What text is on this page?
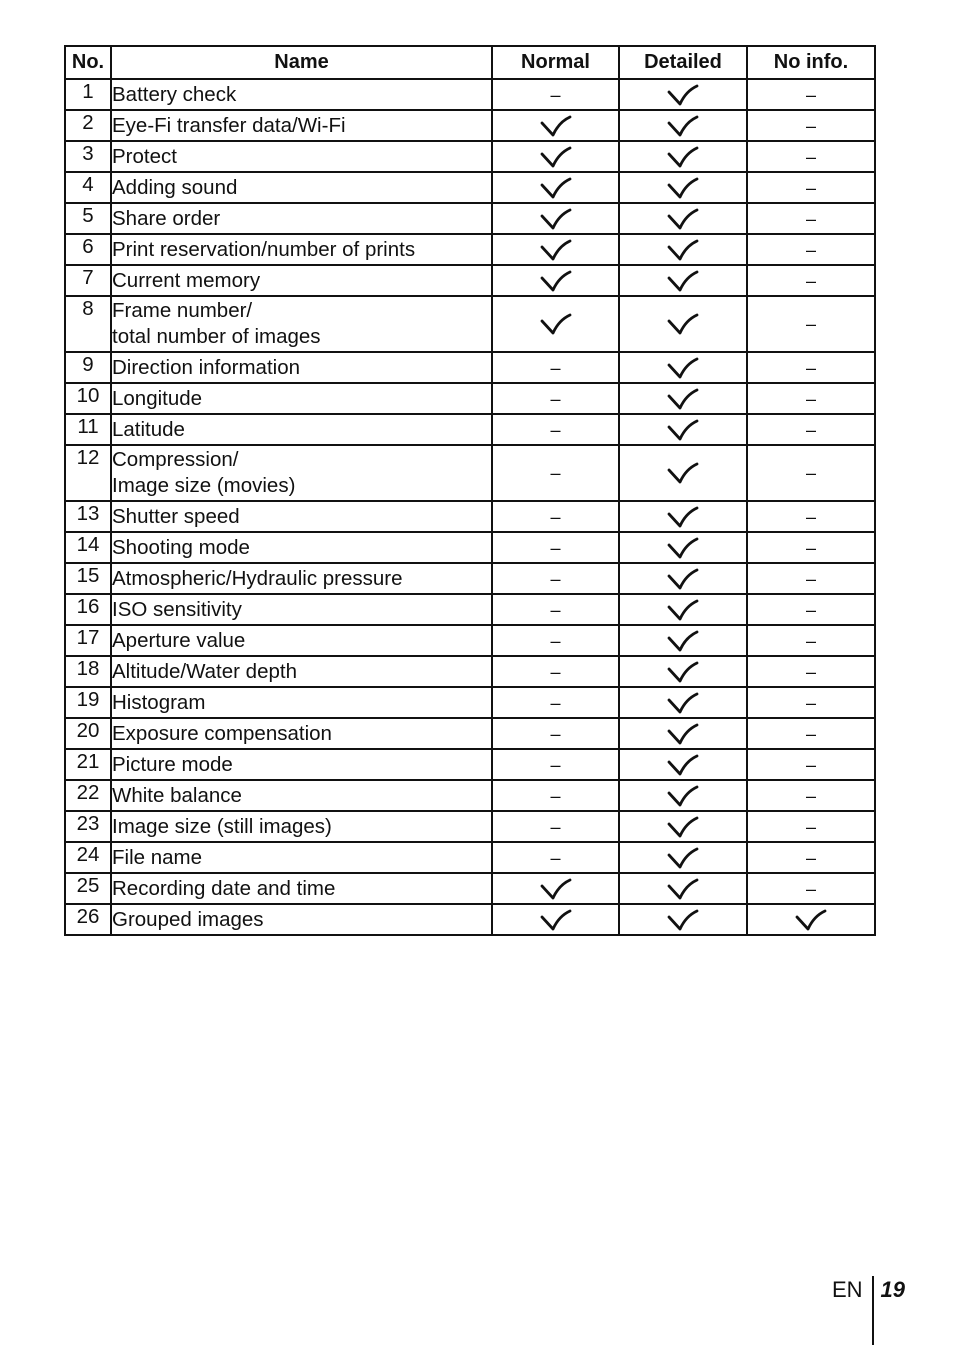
No.	Name	Normal	Detailed	No info.
1	Battery check	–		–
2	Eye-Fi transfer data/Wi-Fi			–
3	Protect			–
4	Adding sound			–
5	Share order			–
6	Print reservation/number of prints			–
7	Current memory			–
8	Frame number/
total number of images			–
9	Direction information	–		–
10	Longitude	–		–
11	Latitude	–		–
12	Compression/
Image size (movies)	–		–
13	Shutter speed	–		–
14	Shooting mode	–		–
15	Atmospheric/Hydraulic pressure	–		–
16	ISO sensitivity	–		–
17	Aperture value	–		–
18	Altitude/Water depth	–		–
19	Histogram	–		–
20	Exposure compensation	–		–
21	Picture mode	–		–
22	White balance	–		–
23	Image size (still images)	–		–
24	File name	–		–
25	Recording date and time			–
26	Grouped images

EN 19
